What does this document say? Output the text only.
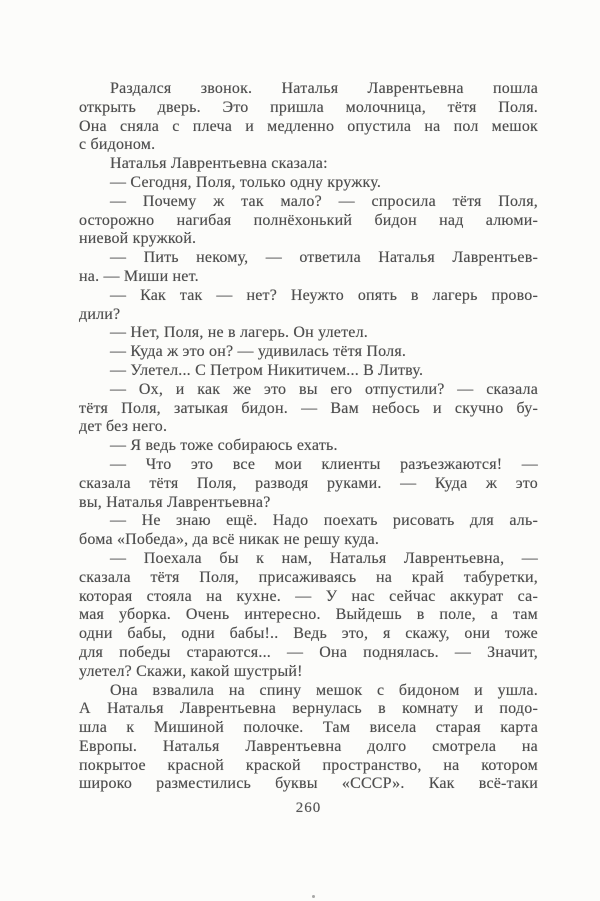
Раздался звонок. Наталья Лаврентьевна пошла
открыть дверь. Это пришла молочница, тётя Поля.
Она сняла с плеча и медленно опустила на пол мешок
с бидоном.
Наталья Лаврентьевна сказала:
— Сегодня, Поля, только одну кружку.
— Почему ж так мало? — спросила тётя Поля,
осторожно нагибая полнёхонький бидон над алюми-
ниевой кружкой.
— Пить некому, — ответила Наталья Лаврентьев-
на. — Миши нет.
— Как так — нет? Неужто опять в лагерь прово-
дили?
— Нет, Поля, не в лагерь. Он улетел.
— Куда ж это он? — удивилась тётя Поля.
— Улетел... С Петром Никитичем... В Литву.
— Ох, и как же это вы его отпустили? — сказала
тётя Поля, затыкая бидон. — Вам небось и скучно бу-
дет без него.
— Я ведь тоже собираюсь ехать.
— Что это все мои клиенты разъезжаются! —
сказала тётя Поля, разводя руками. — Куда ж это
вы, Наталья Лаврентьевна?
— Не знаю ещё. Надо поехать рисовать для аль-
бома «Победа», да всё никак не решу куда.
— Поехала бы к нам, Наталья Лаврентьевна, —
сказала тётя Поля, присаживаясь на край табуретки,
которая стояла на кухне. — У нас сейчас аккурат са-
мая уборка. Очень интересно. Выйдешь в поле, а там
одни бабы, одни бабы!.. Ведь это, я скажу, они тоже
для победы стараются... — Она поднялась. — Значит,
улетел? Скажи, какой шустрый!
Она взвалила на спину мешок с бидоном и ушла.
А Наталья Лаврентьевна вернулась в комнату и подо-
шла к Мишиной полочке. Там висела старая карта
Европы. Наталья Лаврентьевна долго смотрела на
покрытое красной краской пространство, на котором
широко разместились буквы «СССР». Как всё-таки
260
